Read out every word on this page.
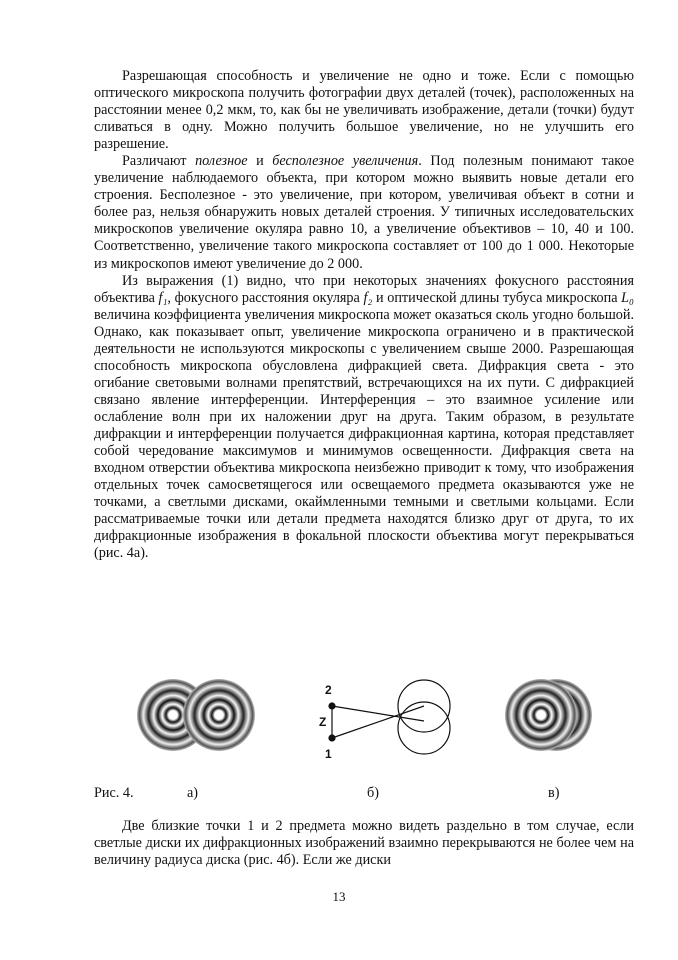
Разрешающая способность и увеличение не одно и тоже. Если с помощью оптического микроскопа получить фотографии двух деталей (точек), расположенных на расстоянии менее 0,2 мкм, то, как бы не увеличивать изображение, детали (точки) будут сливаться в одну. Можно получить большое увеличение, но не улучшить его разрешение.

Различают полезное и бесполезное увеличения. Под полезным понимают такое увеличение наблюдаемого объекта, при котором можно выявить новые детали его строения. Бесполезное - это увеличение, при котором, увеличивая объект в сотни и более раз, нельзя обнаружить новых деталей строения. У типичных исследовательских микроскопов увеличение окуляра равно 10, а увеличение объективов – 10, 40 и 100. Соответственно, увеличение такого микроскопа составляет от 100 до 1 000. Некоторые из микроскопов имеют увеличение до 2 000.

Из выражения (1) видно, что при некоторых значениях фокусного расстояния объектива f₁, фокусного расстояния окуляра f₂ и оптической длины тубуса микроскопа L₀ величина коэффициента увеличения микроскопа может оказаться сколь угодно большой. Однако, как показывает опыт, увеличение микроскопа ограничено и в практической деятельности не используются микроскопы с увеличением свыше 2000. Разрешающая способность микроскопа обусловлена дифракцией света. Дифракция света - это огибание световыми волнами препятствий, встречающихся на их пути. С дифракцией связано явление интерференции. Интерференция – это взаимное усиление или ослабление волн при их наложении друг на друга. Таким образом, в результате дифракции и интерференции получается дифракционная картина, которая представляет собой чередование максимумов и минимумов освещенности. Дифракция света на входном отверстии объектива микроскопа неизбежно приводит к тому, что изображения отдельных точек самосветящегося или освещаемого предмета оказываются уже не точками, а светлыми дисками, окаймленными темными и светлыми кольцами. Если рассматриваемые точки или детали предмета находятся близко друг от друга, то их дифракционные изображения в фокальной плоскости объектива могут перекрываться (рис. 4а).

2
1
Z
Рис. 4.	а)	б)	в)

Две близкие точки 1 и 2 предмета можно видеть раздельно в том случае, если светлые диски их дифракционных изображений взаимно перекрываются не более чем на величину радиуса диска (рис. 4б). Если же диски

13
